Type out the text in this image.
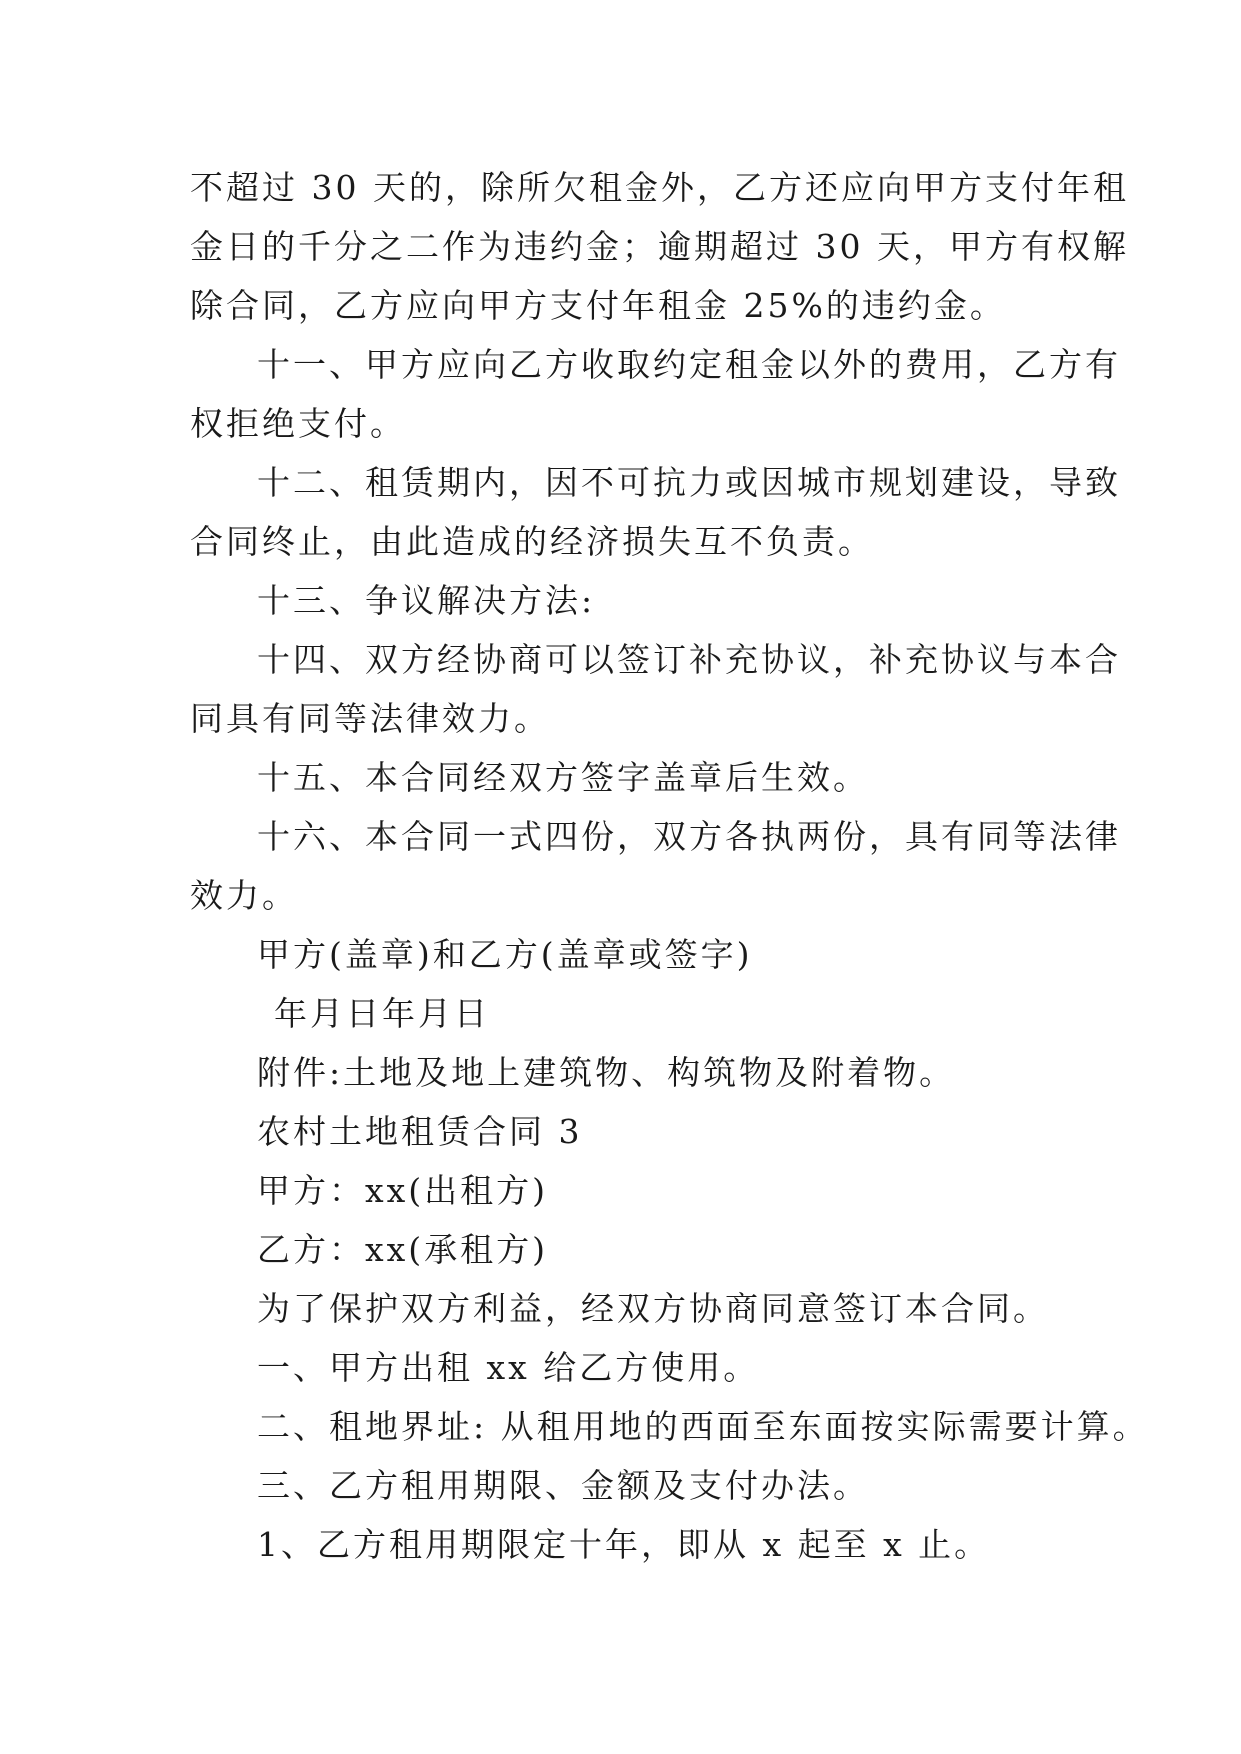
不超过 30 天的，除所欠租金外，乙方还应向甲方支付年租
金日的千分之二作为违约金；逾期超过 30 天，甲方有权解
除合同，乙方应向甲方支付年租金 25%的违约金。
十一、甲方应向乙方收取约定租金以外的费用，乙方有
权拒绝支付。
十二、租赁期内，因不可抗力或因城市规划建设，导致
合同终止，由此造成的经济损失互不负责。
十三、争议解决方法:
十四、双方经协商可以签订补充协议，补充协议与本合
同具有同等法律效力。
十五、本合同经双方签字盖章后生效。
十六、本合同一式四份，双方各执两份，具有同等法律
效力。
甲方(盖章)和乙方(盖章或签字)
年月日年月日
附件:土地及地上建筑物、构筑物及附着物。
农村土地租赁合同 3
甲方：xx(出租方)
乙方：xx(承租方)
为了保护双方利益，经双方协商同意签订本合同。
一、甲方出租 xx 给乙方使用。
二、租地界址: 从租用地的西面至东面按实际需要计算。
三、乙方租用期限、金额及支付办法。
1、乙方租用期限定十年，即从 x 起至 x 止。
